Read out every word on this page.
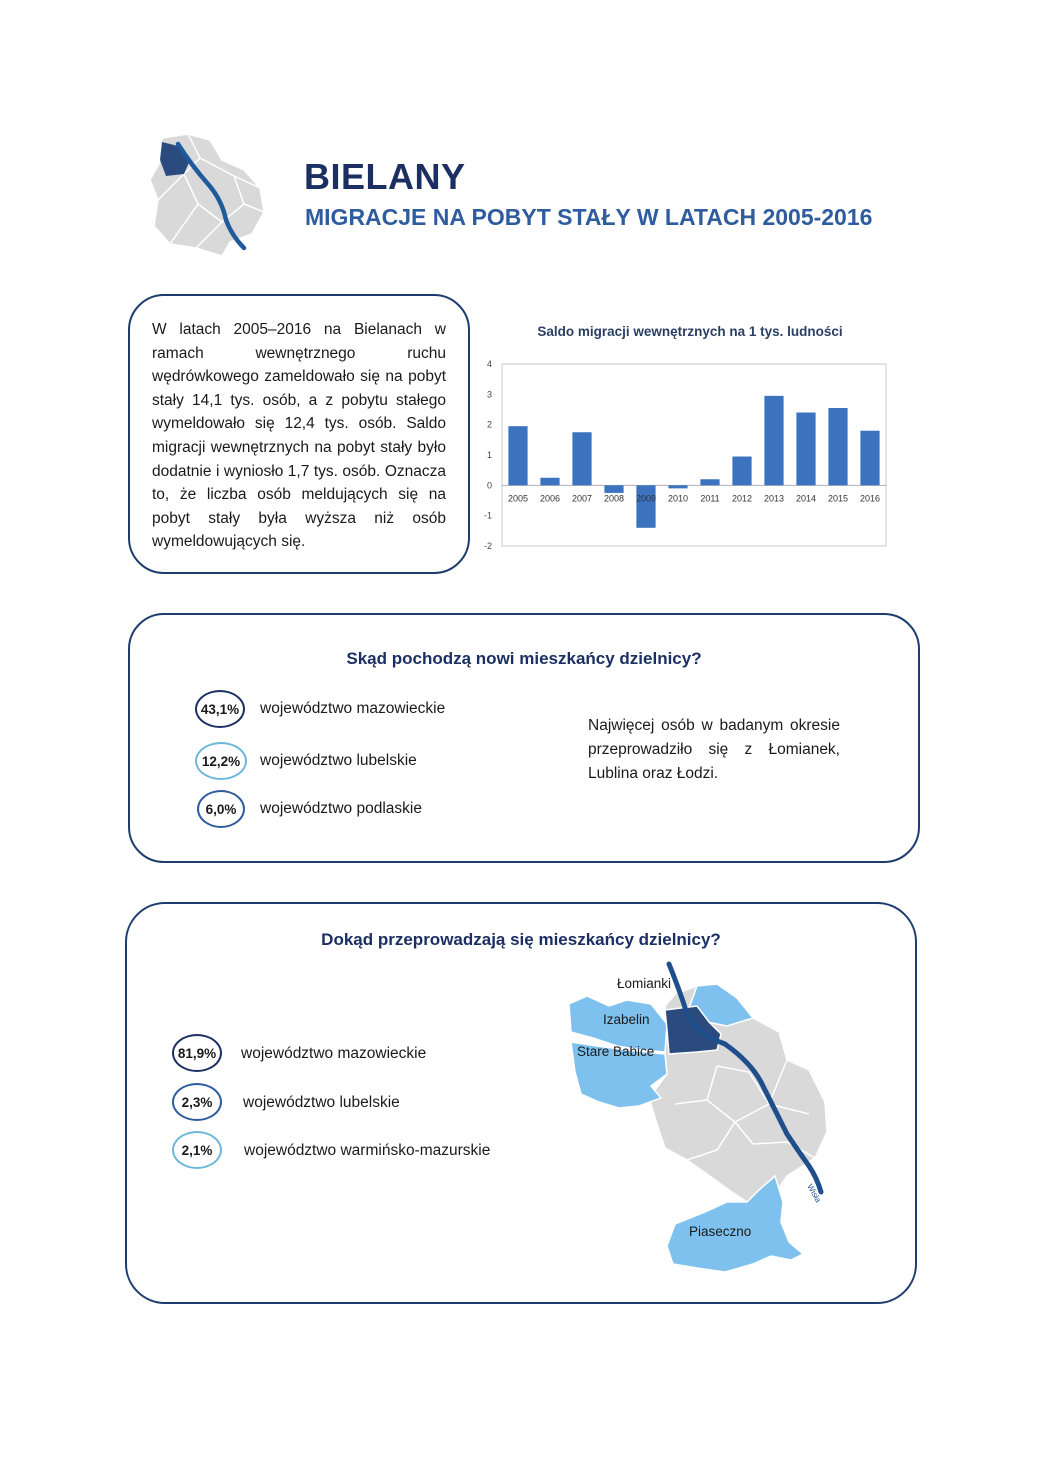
BIELANY
MIGRACJE NA POBYT STAŁY W LATACH 2005-2016

W latach 2005–2016 na Bielanach w ramach wewnętrznego ruchu wędrówkowego zameldowało się na pobyt stały 14,1 tys. osób, a z pobytu stałego wymeldowało się 12,4 tys. osób. Saldo migracji wewnętrznych na pobyt stały było dodatnie i wyniosło 1,7 tys. osób. Oznacza to, że liczba osób meldujących się na pobyt stały była wyższa niż osób wymeldowujących się.

Saldo migracji wewnętrznych na 1 tys. ludności
-2
-1
0
1
2
3
4
2005 2006 2007 2008 2009 2010 2011 2012 2013 2014 2015 2016
Skąd pochodzą nowi mieszkańcy dzielnicy?
43,1%	województwo mazowieckie
12,2%	województwo lubelskie
6,0%	województwo podlaskie
Najwięcej osób w badanym okresie przeprowadziło się z Łomianek, Lublina oraz Łodzi.
Dokąd przeprowadzają się mieszkańcy dzielnicy?
81,9%	województwo mazowieckie
2,3%	województwo lubelskie
2,1%	województwo warmińsko-mazurskie
Łomianki
Izabelin
Stare Babice
Piaseczno
Wisła
